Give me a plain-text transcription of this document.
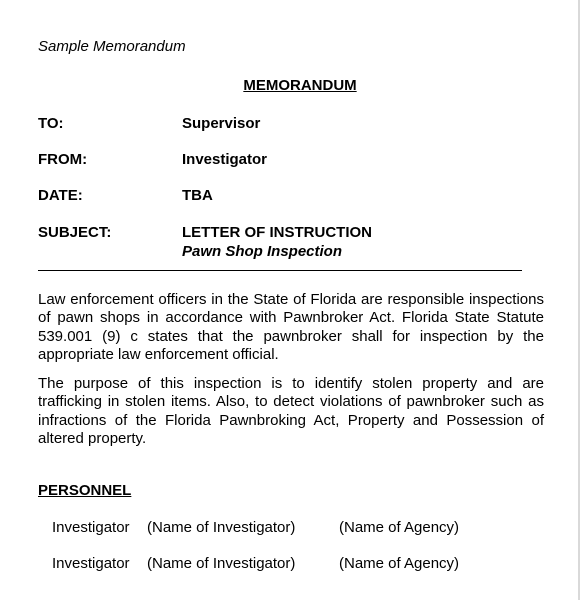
Sample Memorandum
MEMORANDUM
TO:	Supervisor
FROM:	Investigator
DATE:	TBA
SUBJECT:	LETTER OF INSTRUCTION
Pawn Shop Inspection
Law enforcement officers in the State of Florida are responsible inspections of pawn shops in accordance with Pawnbroker Act. Florida State Statute 539.001 (9) c states that the pawnbroker shall for inspection by the appropriate law enforcement official.
The purpose of this inspection is to identify stolen property and are trafficking in stolen items. Also, to detect violations of pawnbroker such as infractions of the Florida Pawnbroking Act, Property and Possession of altered property.
PERSONNEL
Investigator (Name of Investigator)	(Name of Agency)
Investigator (Name of Investigator)	(Name of Agency)
